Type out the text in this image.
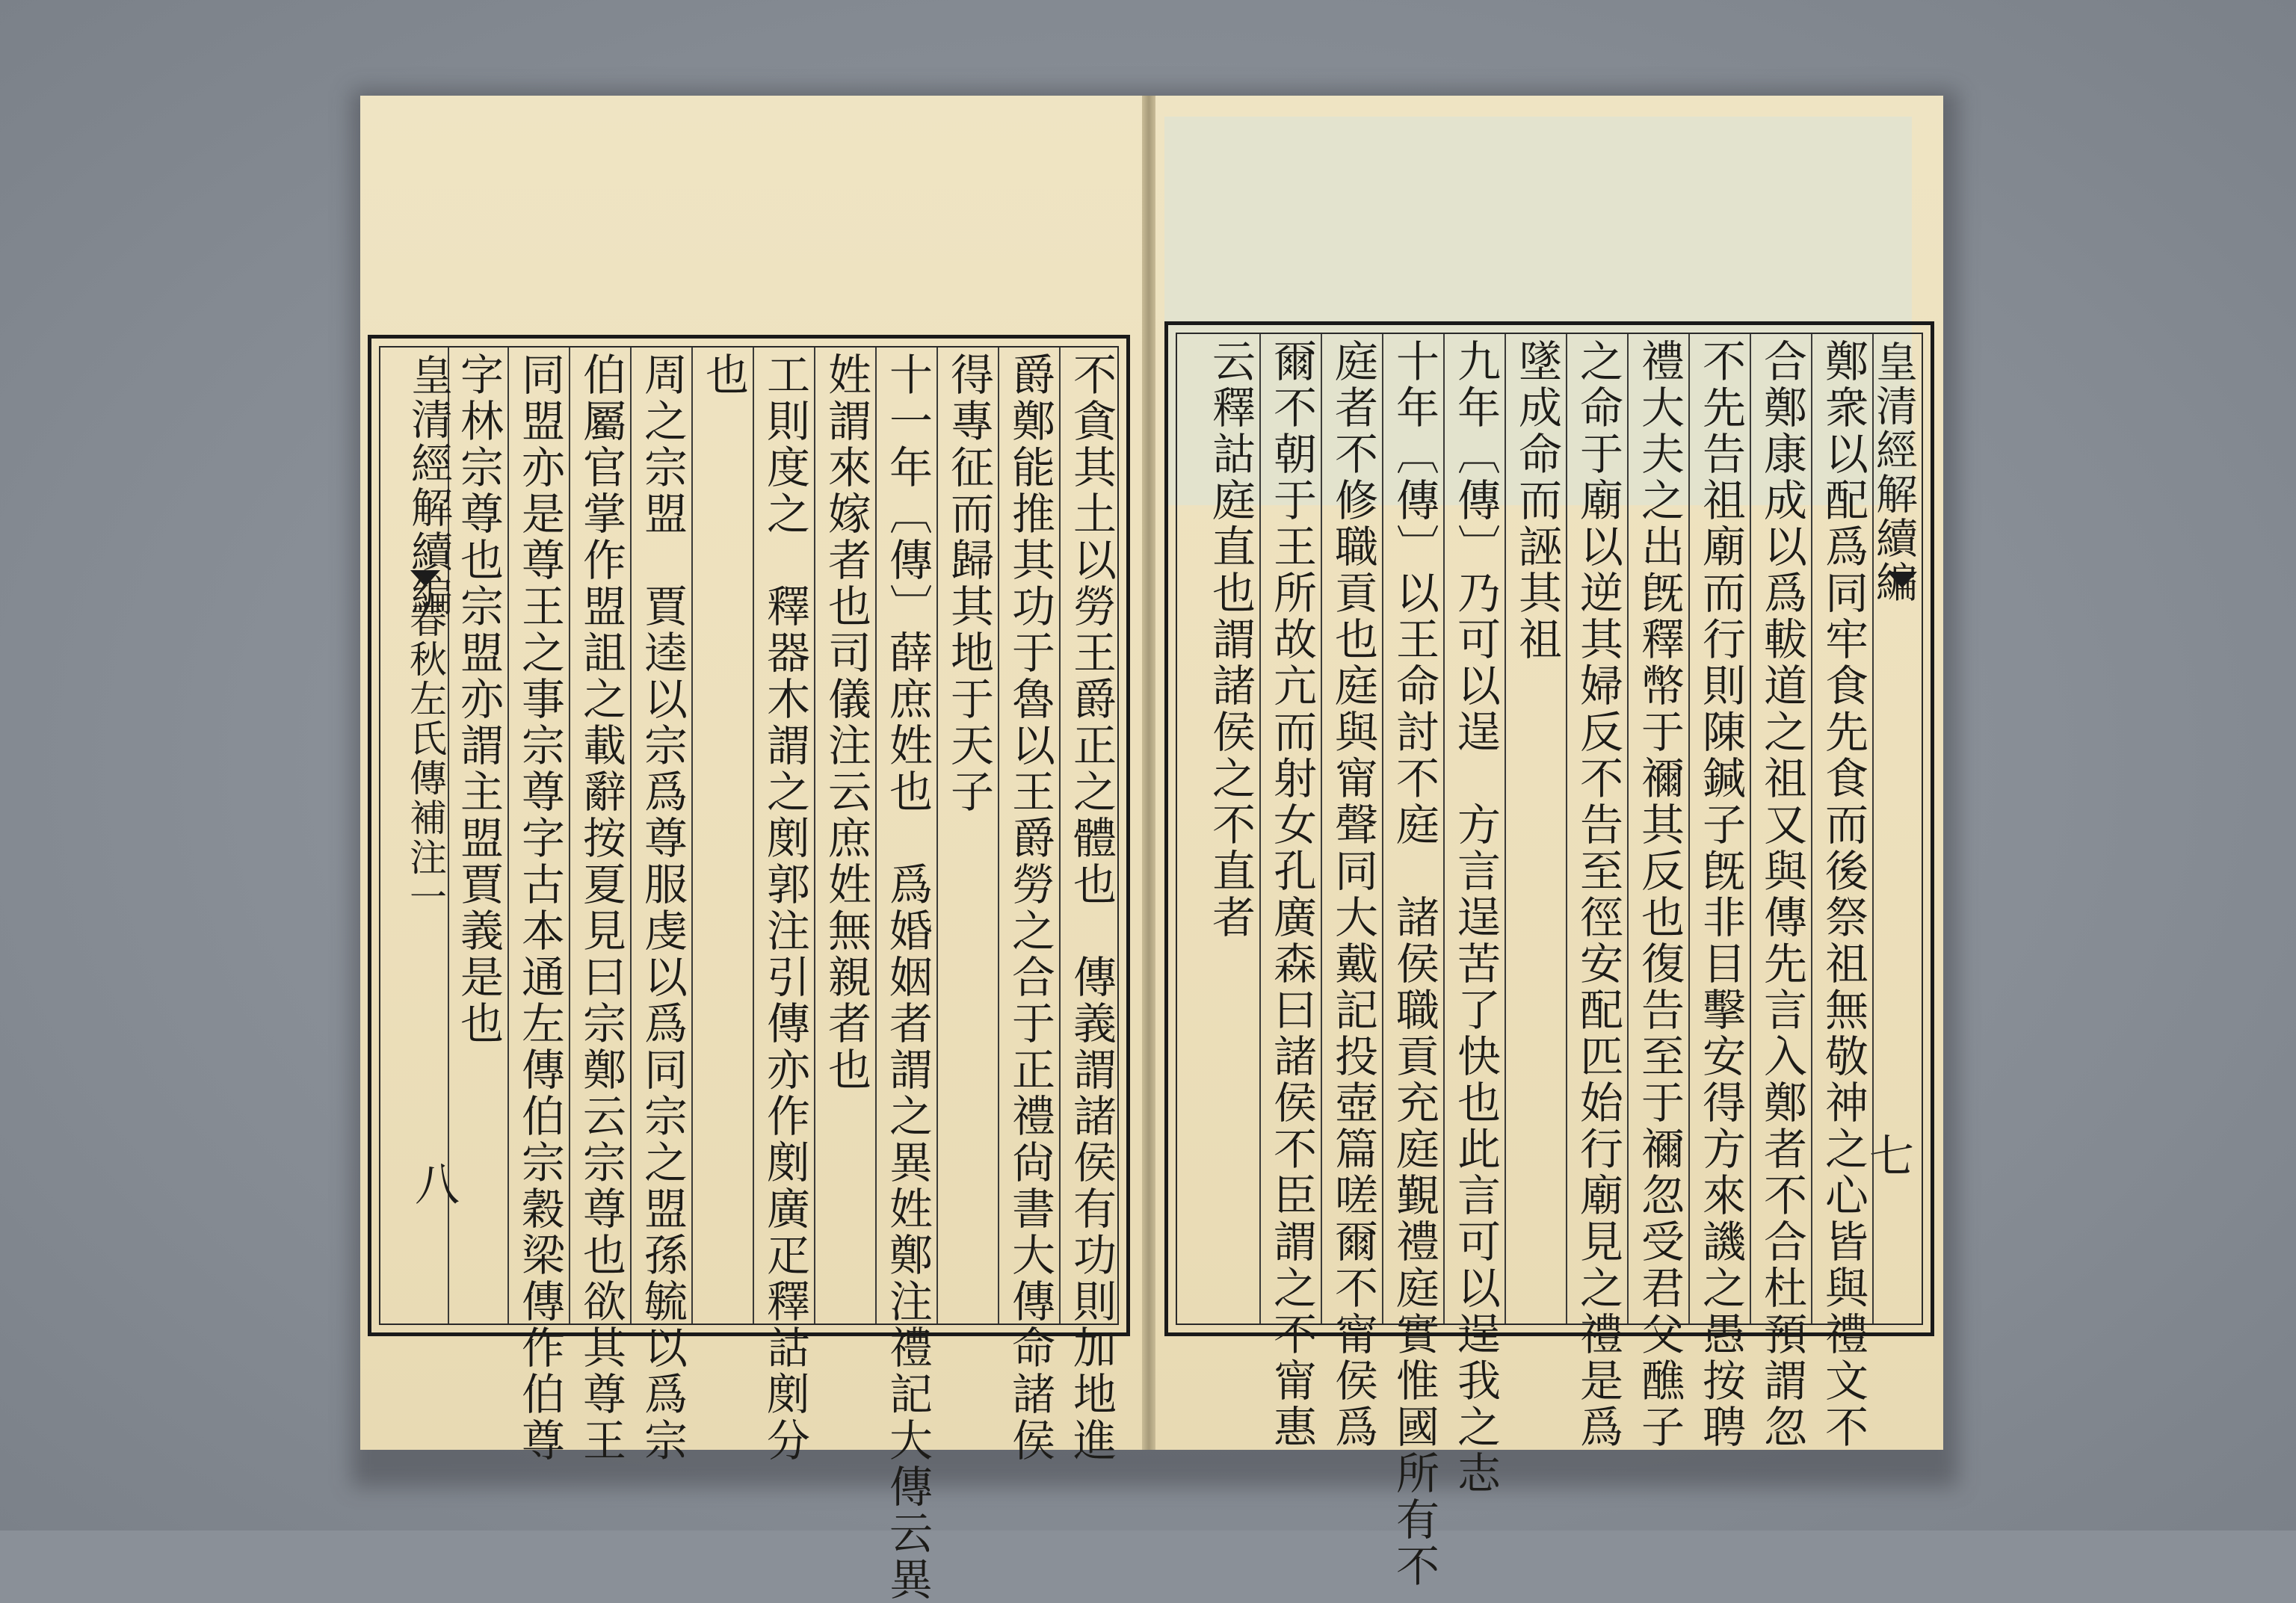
不貪其土以勞王爵正之體也　傳義謂諸侯有功則加地進
爵鄭能推其功于魯以王爵勞之合于正禮尙書大傳命諸侯
得專征而歸其地于天子
十一年〔傳〕薛庶姓也　爲婚姻者謂之異姓鄭注禮記大傳云異
姓謂來嫁者也司儀注云庶姓無親者也
工則度之　釋器木謂之剫郭注引傳亦作剫廣疋釋詁剫分
也
周之宗盟　賈逵以宗爲尊服虔以爲同宗之盟孫毓以爲宗
伯屬官掌作盟詛之載辭按夏見曰宗鄭云宗尊也欲其尊王
同盟亦是尊王之事宗尊字古本通左傳伯宗穀梁傳作伯尊
字林宗尊也宗盟亦謂主盟賈義是也
皇清經解續編
春秋左氏傳補注一
八
皇清經解續編
七
鄭衆以配爲同牢食先食而後祭祖無敬神之心皆與禮文不
合鄭康成以爲軷道之祖又與傳先言入鄭者不合杜預謂忽
不先告祖廟而行則陳鍼子旣非目擊安得方來譏之愚按聘
禮大夫之出旣釋幣于禰其反也復告至于禰忽受君父醮子
之命于廟以逆其婦反不告至徑安配匹始行廟見之禮是爲
墜成命而誣其祖
九年〔傳〕乃可以逞　方言逞苦了快也此言可以逞我之志
十年〔傳〕以王命討不庭　諸侯職貢充庭覲禮庭實惟國所有不
庭者不修職貢也庭與甯聲同大戴記投壺篇嗟爾不甯侯爲
爾不朝于王所故亢而射女孔廣森曰諸侯不臣謂之不甯惠
云釋詁庭直也謂諸侯之不直者
